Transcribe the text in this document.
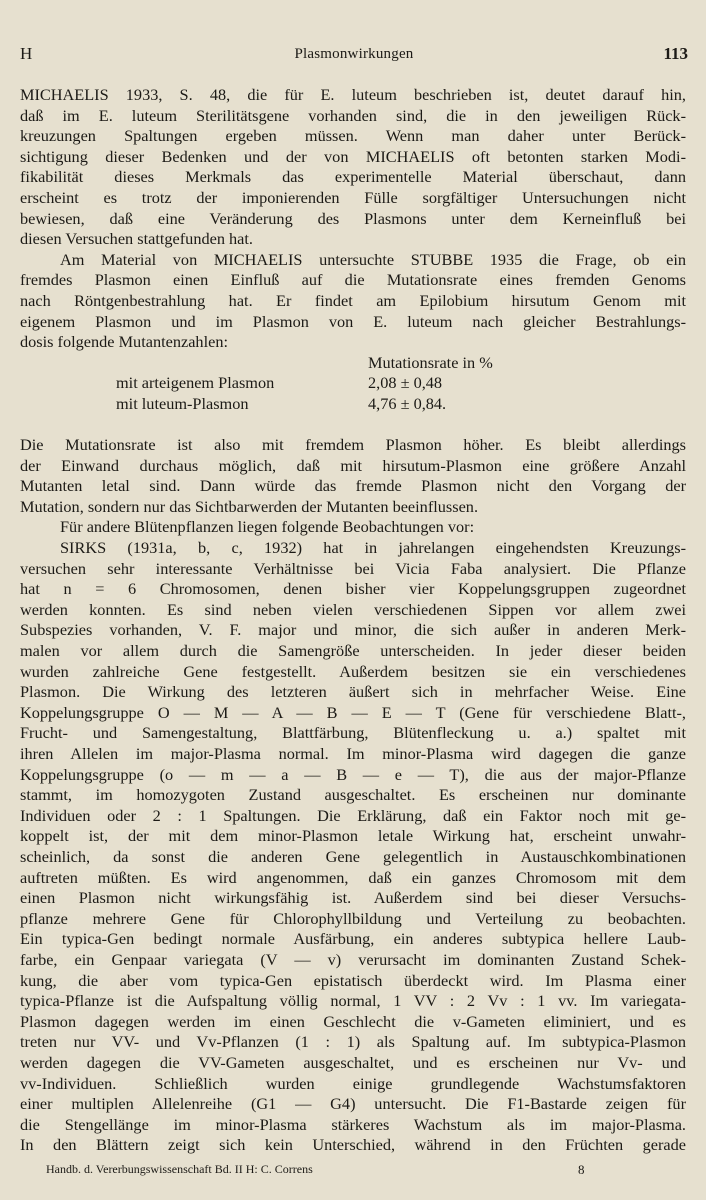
H	Plasmonwirkungen	113
MICHAELIS 1933, S. 48, die für E. luteum beschrieben ist, deutet darauf hin,
daß im E. luteum Sterilitätsgene vorhanden sind, die in den jeweiligen Rück-
kreuzungen Spaltungen ergeben müssen. Wenn man daher unter Berück-
sichtigung dieser Bedenken und der von MICHAELIS oft betonten starken Modi-
fikabilität dieses Merkmals das experimentelle Material überschaut, dann
erscheint es trotz der imponierenden Fülle sorgfältiger Untersuchungen nicht
bewiesen, daß eine Veränderung des Plasmons unter dem Kerneinfluß bei
diesen Versuchen stattgefunden hat.
Am Material von MICHAELIS untersuchte STUBBE 1935 die Frage, ob ein
fremdes Plasmon einen Einfluß auf die Mutationsrate eines fremden Genoms
nach Röntgenbestrahlung hat. Er findet am Epilobium hirsutum Genom mit
eigenem Plasmon und im Plasmon von E. luteum nach gleicher Bestrahlungs-
dosis folgende Mutantenzahlen:
Mutationsrate in %
mit arteigenem Plasmon	2,08 ± 0,48
mit luteum-Plasmon	4,76 ± 0,84.
Die Mutationsrate ist also mit fremdem Plasmon höher. Es bleibt allerdings
der Einwand durchaus möglich, daß mit hirsutum-Plasmon eine größere Anzahl
Mutanten letal sind. Dann würde das fremde Plasmon nicht den Vorgang der
Mutation, sondern nur das Sichtbarwerden der Mutanten beeinflussen.
Für andere Blütenpflanzen liegen folgende Beobachtungen vor:
SIRKS (1931a, b, c, 1932) hat in jahrelangen eingehendsten Kreuzungs-
versuchen sehr interessante Verhältnisse bei Vicia Faba analysiert. Die Pflanze
hat n = 6 Chromosomen, denen bisher vier Koppelungsgruppen zugeordnet
werden konnten. Es sind neben vielen verschiedenen Sippen vor allem zwei
Subspezies vorhanden, V. F. major und minor, die sich außer in anderen Merk-
malen vor allem durch die Samengröße unterscheiden. In jeder dieser beiden
wurden zahlreiche Gene festgestellt. Außerdem besitzen sie ein verschiedenes
Plasmon. Die Wirkung des letzteren äußert sich in mehrfacher Weise. Eine
Koppelungsgruppe O — M — A — B — E — T (Gene für verschiedene Blatt-,
Frucht- und Samengestaltung, Blattfärbung, Blütenfleckung u. a.) spaltet mit
ihren Allelen im major-Plasma normal. Im minor-Plasma wird dagegen die ganze
Koppelungsgruppe (o — m — a — B — e — T), die aus der major-Pflanze
stammt, im homozygoten Zustand ausgeschaltet. Es erscheinen nur dominante
Individuen oder 2 : 1 Spaltungen. Die Erklärung, daß ein Faktor noch mit ge-
koppelt ist, der mit dem minor-Plasmon letale Wirkung hat, erscheint unwahr-
scheinlich, da sonst die anderen Gene gelegentlich in Austauschkombinationen
auftreten müßten. Es wird angenommen, daß ein ganzes Chromosom mit dem
einen Plasmon nicht wirkungsfähig ist. Außerdem sind bei dieser Versuchs-
pflanze mehrere Gene für Chlorophyllbildung und Verteilung zu beobachten.
Ein typica-Gen bedingt normale Ausfärbung, ein anderes subtypica hellere Laub-
farbe, ein Genpaar variegata (V — v) verursacht im dominanten Zustand Schek-
kung, die aber vom typica-Gen epistatisch überdeckt wird. Im Plasma einer
typica-Pflanze ist die Aufspaltung völlig normal, 1 VV : 2 Vv : 1 vv. Im variegata-
Plasmon dagegen werden im einen Geschlecht die v-Gameten eliminiert, und es
treten nur VV- und Vv-Pflanzen (1 : 1) als Spaltung auf. Im subtypica-Plasmon
werden dagegen die VV-Gameten ausgeschaltet, und es erscheinen nur Vv- und
vv-Individuen. Schließlich wurden einige grundlegende Wachstumsfaktoren
einer multiplen Allelenreihe (G1 — G4) untersucht. Die F1-Bastarde zeigen für
die Stengellänge im minor-Plasma stärkeres Wachstum als im major-Plasma.
In den Blättern zeigt sich kein Unterschied, während in den Früchten gerade
Handb. d. Vererbungswissenschaft Bd. II H: C. Correns	8
